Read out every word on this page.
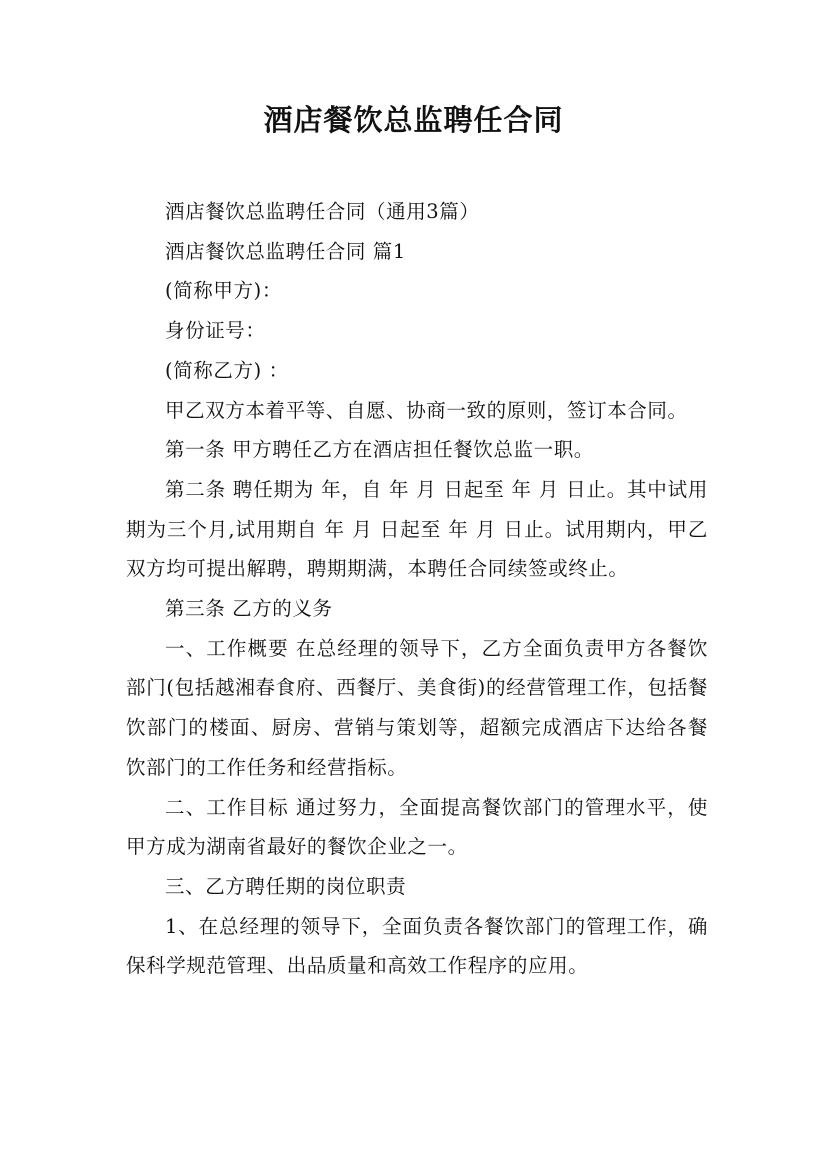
酒店餐饮总监聘任合同

酒店餐饮总监聘任合同（通用3篇）

酒店餐饮总监聘任合同 篇1

(简称甲方)：

身份证号：

(简称乙方) ：

甲乙双方本着平等、自愿、协商一致的原则，签订本合同。

第一条 甲方聘任乙方在酒店担任餐饮总监一职。

第二条 聘任期为 年，自 年 月 日起至 年 月 日止。其中试用期为三个月,试用期自 年 月 日起至 年 月 日止。试用期内，甲乙双方均可提出解聘，聘期期满，本聘任合同续签或终止。

第三条 乙方的义务

一、工作概要 在总经理的领导下，乙方全面负责甲方各餐饮部门(包括越湘春食府、西餐厅、美食街)的经营管理工作，包括餐饮部门的楼面、厨房、营销与策划等，超额完成酒店下达给各餐饮部门的工作任务和经营指标。

二、工作目标 通过努力，全面提高餐饮部门的管理水平，使甲方成为湖南省最好的餐饮企业之一。

三、乙方聘任期的岗位职责

1、在总经理的领导下，全面负责各餐饮部门的管理工作，确保科学规范管理、出品质量和高效工作程序的应用。
